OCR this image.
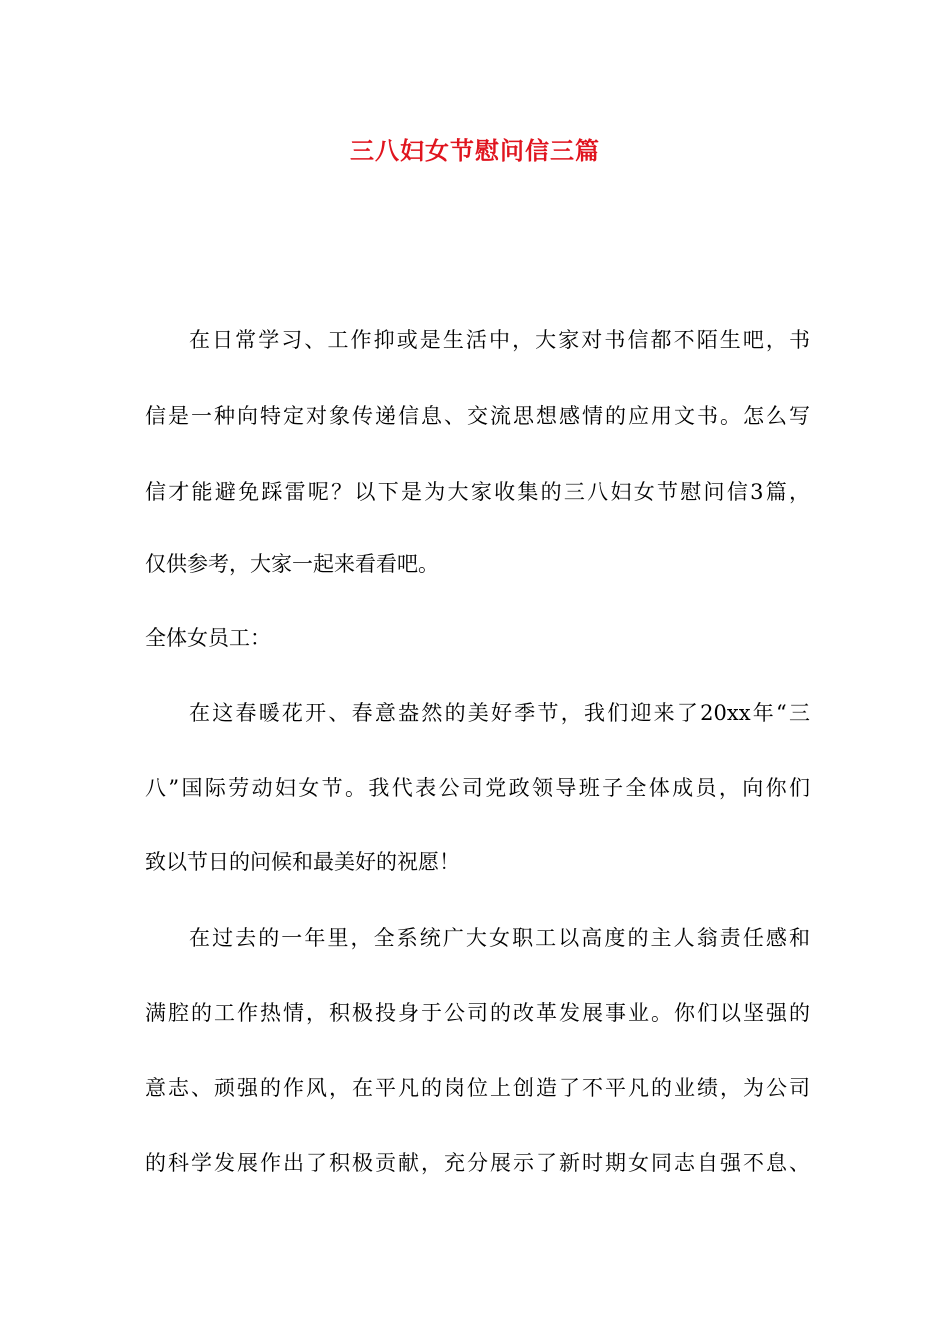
三八妇女节慰问信三篇
在日常学习、工作抑或是生活中，大家对书信都不陌生吧，书
信是一种向特定对象传递信息、交流思想感情的应用文书。怎么写
信才能避免踩雷呢？以下是为大家收集的三八妇女节慰问信3篇，
仅供参考，大家一起来看看吧。
全体女员工：
在这春暖花开、春意盎然的美好季节，我们迎来了20xx年“三
八”国际劳动妇女节。我代表公司党政领导班子全体成员，向你们
致以节日的问候和最美好的祝愿！
在过去的一年里，全系统广大女职工以高度的主人翁责任感和
满腔的工作热情，积极投身于公司的改革发展事业。你们以坚强的
意志、顽强的作风，在平凡的岗位上创造了不平凡的业绩，为公司
的科学发展作出了积极贡献，充分展示了新时期女同志自强不息、
